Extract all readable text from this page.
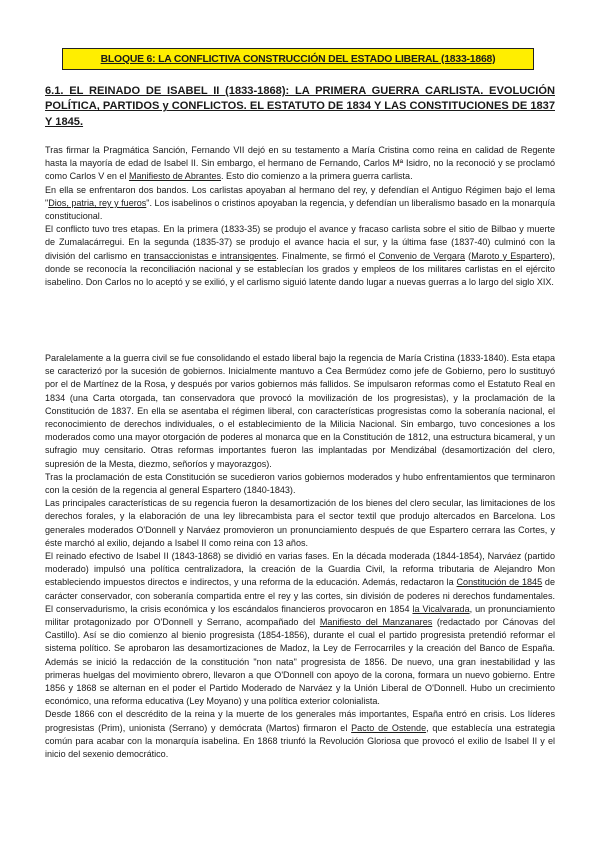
BLOQUE 6: LA CONFLICTIVA CONSTRUCCIÓN DEL ESTADO LIBERAL (1833-1868)
6.1. EL REINADO DE ISABEL II (1833-1868): LA PRIMERA GUERRA CARLISTA. EVOLUCIÓN POLÍTICA, PARTIDOS y CONFLICTOS. EL ESTATUTO DE 1834 Y LAS CONSTITUCIONES DE 1837 Y 1845.

Tras firmar la Pragmática Sanción, Fernando VII dejó en su testamento a María Cristina como reina en calidad de Regente hasta la mayoría de edad de Isabel II. Sin embargo, el hermano de Fernando, Carlos Mª Isidro, no la reconoció y se proclamó como Carlos V en el Manifiesto de Abrantes. Esto dio comienzo a la primera guerra carlista.

En ella se enfrentaron dos bandos. Los carlistas apoyaban al hermano del rey, y defendían el Antiguo Régimen bajo el lema "Dios, patria, rey y fueros". Los isabelinos o cristinos apoyaban la regencia, y defendían un liberalismo basado en la monarquía constitucional.

El conflicto tuvo tres etapas. En la primera (1833-35) se produjo el avance y fracaso carlista sobre el sitio de Bilbao y muerte de Zumalacárregui. En la segunda (1835-37) se produjo el avance hacia el sur, y la última fase (1837-40) culminó con la división del carlismo en transaccionistas e intransigentes. Finalmente, se firmó el Convenio de Vergara (Maroto y Espartero), donde se reconocía la reconciliación nacional y se establecían los grados y empleos de los militares carlistas en el ejército isabelino. Don Carlos no lo aceptó y se exilió, y el carlismo siguió latente dando lugar a nuevas guerras a lo largo del siglo XIX.

Paralelamente a la guerra civil se fue consolidando el estado liberal bajo la regencia de María Cristina (1833-1840). Esta etapa se caracterizó por la sucesión de gobiernos. Inicialmente mantuvo a Cea Bermúdez como jefe de Gobierno, pero lo sustituyó por el de Martínez de la Rosa, y después por varios gobiernos más fallidos. Se impulsaron reformas como el Estatuto Real en 1834 (una Carta otorgada, tan conservadora que provocó la movilización de los progresistas), y la proclamación de la Constitución de 1837. En ella se asentaba el régimen liberal, con características progresistas como la soberanía nacional, el reconocimiento de derechos individuales, o el establecimiento de la Milicia Nacional. Sin embargo, tuvo concesiones a los moderados como una mayor otorgación de poderes al monarca que en la Constitución de 1812, una estructura bicameral, y un sufragio muy censitario. Otras reformas importantes fueron las implantadas por Mendizábal (desamortización del clero, supresión de la Mesta, diezmo, señoríos y mayorazgos).

Tras la proclamación de esta Constitución se sucedieron varios gobiernos moderados y hubo enfrentamientos que terminaron con la cesión de la regencia al general Espartero (1840-1843).

Las principales características de su regencia fueron la desamortización de los bienes del clero secular, las limitaciones de los derechos forales, y la elaboración de una ley librecambista para el sector textil que produjo altercados en Barcelona. Los generales moderados O'Donnell y Narváez promovieron un pronunciamiento después de que Espartero cerrara las Cortes, y éste marchó al exilio, dejando a Isabel II como reina con 13 años.

El reinado efectivo de Isabel II (1843-1868) se dividió en varias fases. En la década moderada (1844-1854), Narváez (partido moderado) impulsó una política centralizadora, la creación de la Guardia Civil, la reforma tributaria de Alejandro Mon estableciendo impuestos directos e indirectos, y una reforma de la educación. Además, redactaron la Constitución de 1845 de carácter conservador, con soberanía compartida entre el rey y las cortes, sin división de poderes ni derechos fundamentales. El conservadurismo, la crisis económica y los escándalos financieros provocaron en 1854 la Vicalvarada, un pronunciamiento militar protagonizado por O'Donnell y Serrano, acompañado del Manifiesto del Manzanares (redactado por Cánovas del Castillo). Así se dio comienzo al bienio progresista (1854-1856), durante el cual el partido progresista pretendió reformar el sistema político. Se aprobaron las desamortizaciones de Madoz, la Ley de Ferrocarriles y la creación del Banco de España. Además se inició la redacción de la constitución "non nata" progresista de 1856. De nuevo, una gran inestabilidad y las primeras huelgas del movimiento obrero, llevaron a que O'Donnell con apoyo de la corona, formara un nuevo gobierno. Entre 1856 y 1868 se alternan en el poder el Partido Moderado de Narváez y la Unión Liberal de O'Donnell. Hubo un crecimiento económico, una reforma educativa (Ley Moyano) y una política exterior colonialista.

Desde 1866 con el descrédito de la reina y la muerte de los generales más importantes, España entró en crisis. Los líderes progresistas (Prim), unionista (Serrano) y demócrata (Martos) firmaron el Pacto de Ostende, que establecía una estrategia común para acabar con la monarquía isabelina. En 1868 triunfó la Revolución Gloriosa que provocó el exilio de Isabel II y el inicio del sexenio democrático.
